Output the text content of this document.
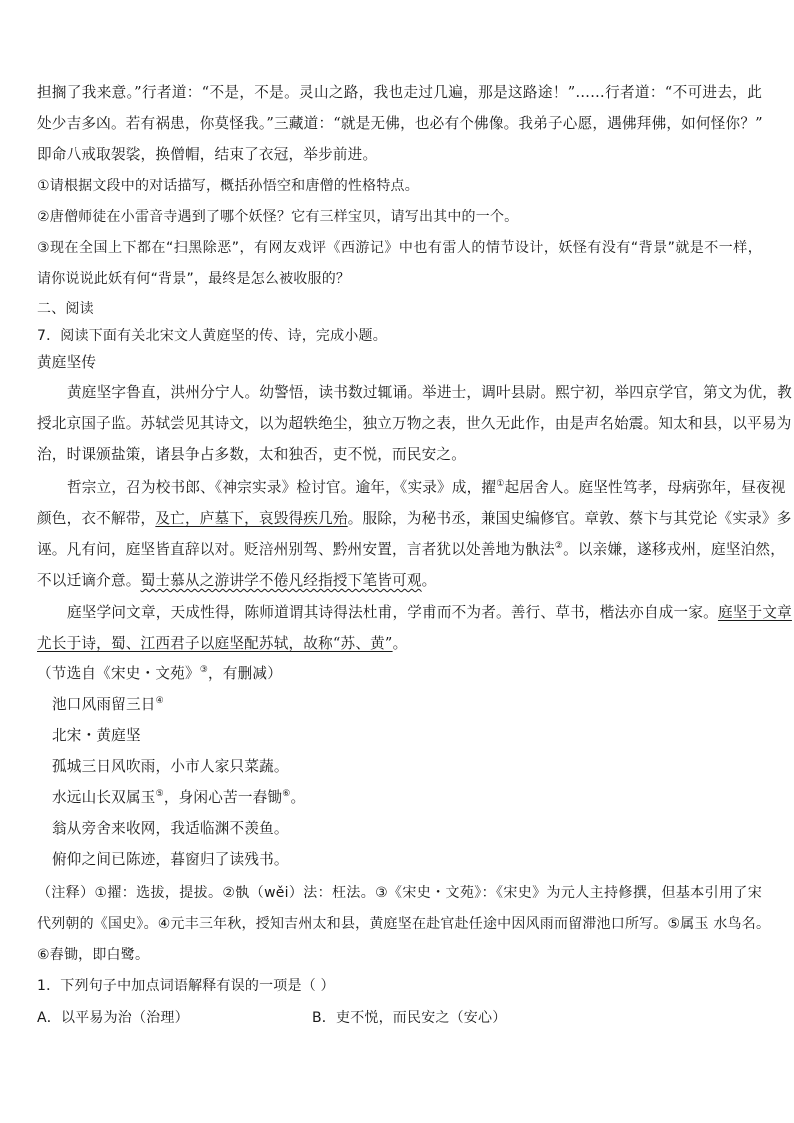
担搁了我来意。”行者道：“不是，不是。灵山之路，我也走过几遍，那是这路途！”……行者道：“不可进去，此
处少吉多凶。若有祸患，你莫怪我。”三藏道：“就是无佛，也必有个佛像。我弟子心愿，遇佛拜佛，如何怪你？”
即命八戒取袈裟，换僧帽，结束了衣冠，举步前进。
①请根据文段中的对话描写，概括孙悟空和唐僧的性格特点。
②唐僧师徒在小雷音寺遇到了哪个妖怪？它有三样宝贝，请写出其中的一个。
③现在全国上下都在“扫黑除恶”，有网友戏评《西游记》中也有雷人的情节设计，妖怪有没有“背景”就是不一样，
请你说说此妖有何“背景”，最终是怎么被收服的？
二、阅读
7．阅读下面有关北宋文人黄庭坚的传、诗，完成小题。
黄庭坚传
黄庭坚字鲁直，洪州分宁人。幼警悟，读书数过辄诵。举进士，调叶县尉。熙宁初，举四京学官，第文为优，教
授北京国子监。苏轼尝见其诗文，以为超轶绝尘，独立万物之表，世久无此作，由是声名始震。知太和县，以平易为
治，时课颁盐策，诸县争占多数，太和独否，吏不悦，而民安之。
哲宗立，召为校书郎、《神宗实录》检讨官。逾年，《实录》成，擢①起居舍人。庭坚性笃孝，母病弥年，昼夜视
颜色，衣不解带，及亡，庐墓下，哀毁得疾几殆。服除，为秘书丞，兼国史编修官。章敦、蔡卞与其党论《实录》多
诬。凡有问，庭坚皆直辞以对。贬涪州别驾、黔州安置，言者犹以处善地为骫法②。以亲嫌，遂移戎州，庭坚泊然，
不以迁谪介意。蜀士慕从之游讲学不倦凡经指授下笔皆可观。
庭坚学问文章，天成性得，陈师道谓其诗得法杜甫，学甫而不为者。善行、草书，楷法亦自成一家。庭坚于文章
尤长于诗，蜀、江西君子以庭坚配苏轼，故称“苏、黄”。
（节选自《宋史・文苑》③，有删减）
池口风雨留三日④
北宋・黄庭坚
孤城三日风吹雨，小市人家只菜蔬。
水远山长双属玉⑤，身闲心苦一舂锄⑥。
翁从旁舍来收网，我适临渊不羡鱼。
俯仰之间已陈迹，暮窗归了读残书。
（注释）①擢：选拔，提拔。②骫（wěi）法：枉法。③《宋史・文苑》：《宋史》为元人主持修撰，但基本引用了宋
代列朝的《国史》。④元丰三年秋，授知吉州太和县，黄庭坚在赴官赴任途中因风雨而留滞池口所写。⑤属玉 水鸟名。
⑥舂锄，即白鹭。
1．下列句子中加点词语解释有误的一项是（ ）
A．以平易为治（治理）	B．吏不悦，而民安之（安心）
